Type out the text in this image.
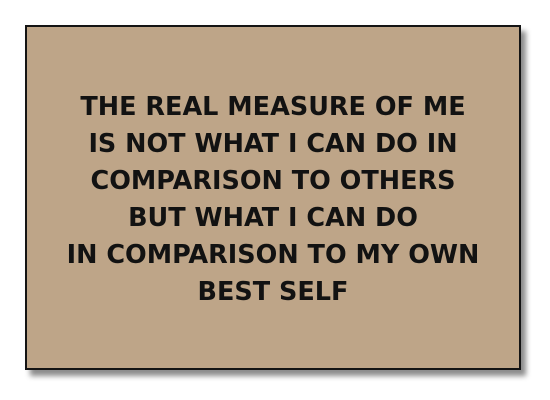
THE REAL MEASURE OF ME
IS NOT WHAT I CAN DO IN
COMPARISON TO OTHERS
BUT WHAT I CAN DO
IN COMPARISON TO MY OWN
BEST SELF
